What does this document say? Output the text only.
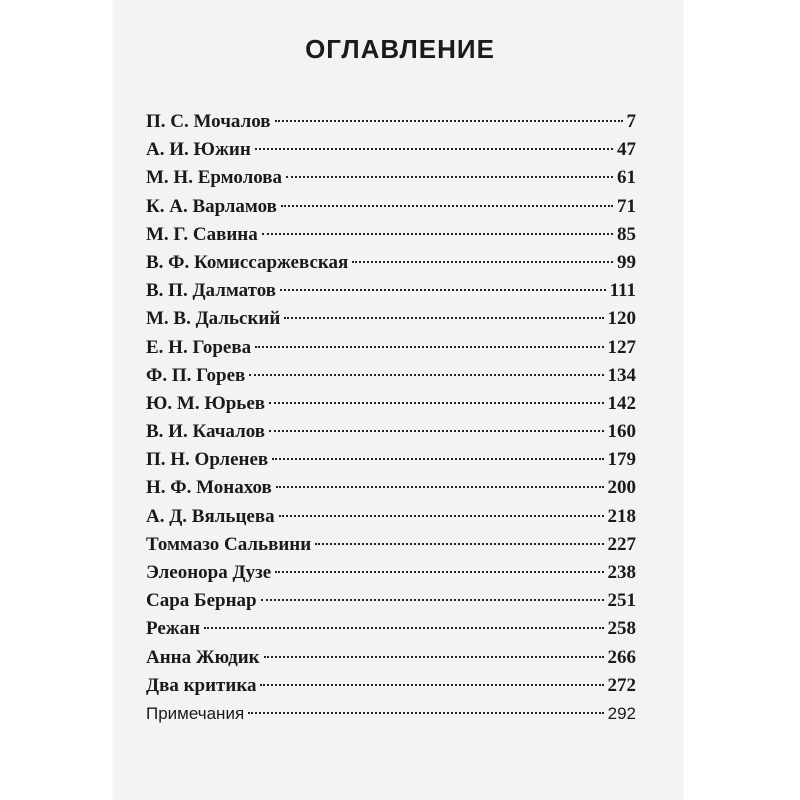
ОГЛАВЛЕНИЕ
П. С. Мочалов	7
А. И. Южин	47
М. Н. Ермолова	61
К. А. Варламов	71
М. Г. Савина	85
В. Ф. Комиссаржевская	99
В. П. Далматов	111
М. В. Дальский	120
Е. Н. Горева	127
Ф. П. Горев	134
Ю. М. Юрьев	142
В. И. Качалов	160
П. Н. Орленев	179
Н. Ф. Монахов	200
А. Д. Вяльцева	218
Томмазо Сальвини	227
Элеонора Дузе	238
Сара Бернар	251
Режан	258
Анна Жюдик	266
Два критика	272
Примечания	292
